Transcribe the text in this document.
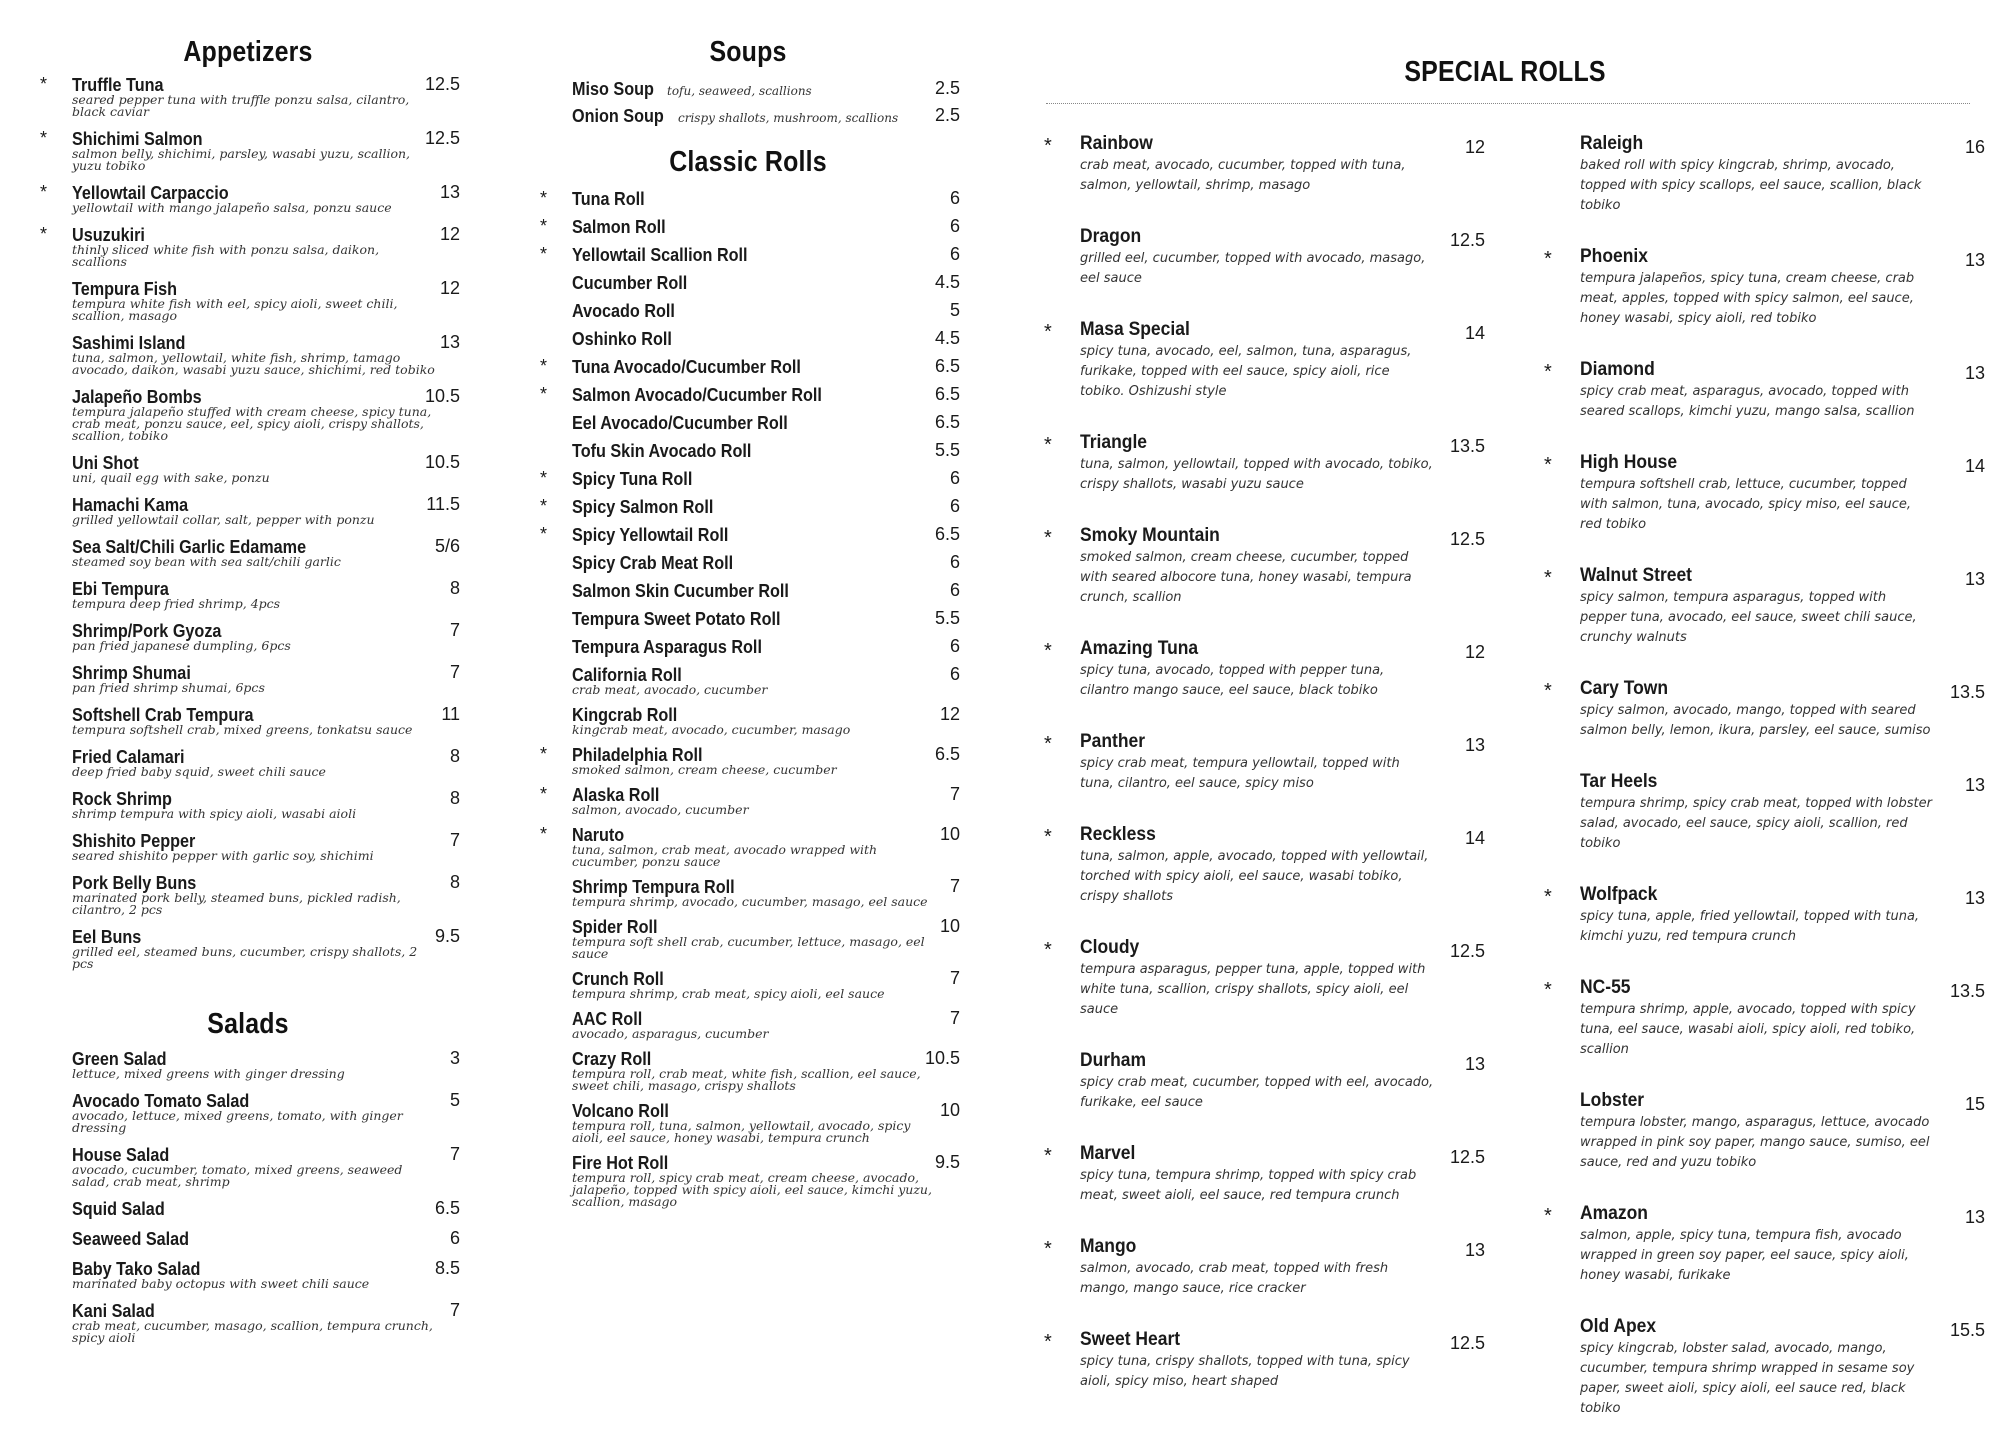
Appetizers
* Truffle Tuna	12.5
seared pepper tuna with truffle ponzu salsa, cilantro, black caviar
* Shichimi Salmon	12.5
salmon belly, shichimi, parsley, wasabi yuzu, scallion, yuzu tobiko
* Yellowtail Carpaccio	13
yellowtail with mango jalapeño salsa, ponzu sauce
* Usuzukiri	12
thinly sliced white fish with ponzu salsa, daikon, scallions
Tempura Fish	12
tempura white fish with eel, spicy aioli, sweet chili, scallion, masago
Sashimi Island	13
tuna, salmon, yellowtail, white fish, shrimp, tamago avocado, daikon, wasabi yuzu sauce, shichimi, red tobiko
Jalapeño Bombs	10.5
tempura jalapeño stuffed with cream cheese, spicy tuna, crab meat, ponzu sauce, eel, spicy aioli, crispy shallots, scallion, tobiko
Uni Shot	10.5
uni, quail egg with sake, ponzu
Hamachi Kama	11.5
grilled yellowtail collar, salt, pepper with ponzu
Sea Salt/Chili Garlic Edamame	5/6
steamed soy bean with sea salt/chili garlic
Ebi Tempura	8
tempura deep fried shrimp, 4pcs
Shrimp/Pork Gyoza	7
pan fried japanese dumpling, 6pcs
Shrimp Shumai	7
pan fried shrimp shumai, 6pcs
Softshell Crab Tempura	11
tempura softshell crab, mixed greens, tonkatsu sauce
Fried Calamari	8
deep fried baby squid, sweet chili sauce
Rock Shrimp	8
shrimp tempura with spicy aioli, wasabi aioli
Shishito Pepper	7
seared shishito pepper with garlic soy, shichimi
Pork Belly Buns	8
marinated pork belly, steamed buns, pickled radish, cilantro, 2 pcs
Eel Buns	9.5
grilled eel, steamed buns, cucumber, crispy shallots, 2 pcs
Salads
Green Salad	3
lettuce, mixed greens with ginger dressing
Avocado Tomato Salad	5
avocado, lettuce, mixed greens, tomato, with ginger dressing
House Salad	7
avocado, cucumber, tomato, mixed greens, seaweed salad, crab meat, shrimp
Squid Salad	6.5
Seaweed Salad	6
Baby Tako Salad	8.5
marinated baby octopus with sweet chili sauce
Kani Salad	7
crab meat, cucumber, masago, scallion, tempura crunch, spicy aioli
Soups
Miso Soup tofu, seaweed, scallions	2.5
Onion Soup crispy shallots, mushroom, scallions 2.5
Classic Rolls
* Tuna Roll	6
* Salmon Roll	6
* Yellowtail Scallion Roll	6
Cucumber Roll	4.5
Avocado Roll	5
Oshinko Roll	4.5
* Tuna Avocado/Cucumber Roll	6.5
* Salmon Avocado/Cucumber Roll	6.5
Eel Avocado/Cucumber Roll	6.5
Tofu Skin Avocado Roll	5.5
* Spicy Tuna Roll	6
* Spicy Salmon Roll	6
* Spicy Yellowtail Roll	6.5
Spicy Crab Meat Roll	6
Salmon Skin Cucumber Roll	6
Tempura Sweet Potato Roll	5.5
Tempura Asparagus Roll	6
California Roll	6
crab meat, avocado, cucumber
Kingcrab Roll	12
kingcrab meat, avocado, cucumber, masago
* Philadelphia Roll	6.5
smoked salmon, cream cheese, cucumber
* Alaska Roll	7
salmon, avocado, cucumber
* Naruto	10
tuna, salmon, crab meat, avocado wrapped with cucumber, ponzu sauce
Shrimp Tempura Roll	7
tempura shrimp, avocado, cucumber, masago, eel sauce
Spider Roll	10
tempura soft shell crab, cucumber, lettuce, masago, eel sauce
Crunch Roll	7
tempura shrimp, crab meat, spicy aioli, eel sauce
AAC Roll	7
avocado, asparagus, cucumber
Crazy Roll	10.5
tempura roll, crab meat, white fish, scallion, eel sauce, sweet chili, masago, crispy shallots
Volcano Roll	10
tempura roll, tuna, salmon, yellowtail, avocado, spicy aioli, eel sauce, honey wasabi, tempura crunch
Fire Hot Roll	9.5
tempura roll, spicy crab meat, cream cheese, avocado, jalapeño, topped with spicy aioli, eel sauce, kimchi yuzu, scallion, masago
SPECIAL ROLLS
* Rainbow	12
crab meat, avocado, cucumber, topped with tuna, salmon, yellowtail, shrimp, masago
Dragon	12.5
grilled eel, cucumber, topped with avocado, masago, eel sauce
* Masa Special	14
spicy tuna, avocado, eel, salmon, tuna, asparagus, furikake, topped with eel sauce, spicy aioli, rice tobiko. Oshizushi style
* Triangle	13.5
tuna, salmon, yellowtail, topped with avocado, tobiko, crispy shallots, wasabi yuzu sauce
* Smoky Mountain	12.5
smoked salmon, cream cheese, cucumber, topped with seared albocore tuna, honey wasabi, tempura crunch, scallion
* Amazing Tuna	12
spicy tuna, avocado, topped with pepper tuna, cilantro mango sauce, eel sauce, black tobiko
* Panther	13
spicy crab meat, tempura yellowtail, topped with tuna, cilantro, eel sauce, spicy miso
* Reckless	14
tuna, salmon, apple, avocado, topped with yellowtail, torched with spicy aioli, eel sauce, wasabi tobiko, crispy shallots
* Cloudy	12.5
tempura asparagus, pepper tuna, apple, topped with white tuna, scallion, crispy shallots, spicy aioli, eel sauce
Durham	13
spicy crab meat, cucumber, topped with eel, avocado, furikake, eel sauce
* Marvel	12.5
spicy tuna, tempura shrimp, topped with spicy crab meat, sweet aioli, eel sauce, red tempura crunch
* Mango	13
salmon, avocado, crab meat, topped with fresh mango, mango sauce, rice cracker
* Sweet Heart	12.5
spicy tuna, crispy shallots, topped with tuna, spicy aioli, spicy miso, heart shaped
Raleigh	16
baked roll with spicy kingcrab, shrimp, avocado, topped with spicy scallops, eel sauce, scallion, black tobiko
* Phoenix	13
tempura jalapeños, spicy tuna, cream cheese, crab meat, apples, topped with spicy salmon, eel sauce, honey wasabi, spicy aioli, red tobiko
* Diamond	13
spicy crab meat, asparagus, avocado, topped with seared scallops, kimchi yuzu, mango salsa, scallion
* High House	14
tempura softshell crab, lettuce, cucumber, topped with salmon, tuna, avocado, spicy miso, eel sauce, red tobiko
* Walnut Street	13
spicy salmon, tempura asparagus, topped with pepper tuna, avocado, eel sauce, sweet chili sauce, crunchy walnuts
* Cary Town	13.5
spicy salmon, avocado, mango, topped with seared salmon belly, lemon, ikura, parsley, eel sauce, sumiso
Tar Heels	13
tempura shrimp, spicy crab meat, topped with lobster salad, avocado, eel sauce, spicy aioli, scallion, red tobiko
* Wolfpack	13
spicy tuna, apple, fried yellowtail, topped with tuna, kimchi yuzu, red tempura crunch
* NC-55	13.5
tempura shrimp, apple, avocado, topped with spicy tuna, eel sauce, wasabi aioli, spicy aioli, red tobiko, scallion
Lobster	15
tempura lobster, mango, asparagus, lettuce, avocado wrapped in pink soy paper, mango sauce, sumiso, eel sauce, red and yuzu tobiko
* Amazon	13
salmon, apple, spicy tuna, tempura fish, avocado wrapped in green soy paper, eel sauce, spicy aioli, honey wasabi, furikake
Old Apex	15.5
spicy kingcrab, lobster salad, avocado, mango, cucumber, tempura shrimp wrapped in sesame soy paper, sweet aioli, spicy aioli, eel sauce red, black tobiko
